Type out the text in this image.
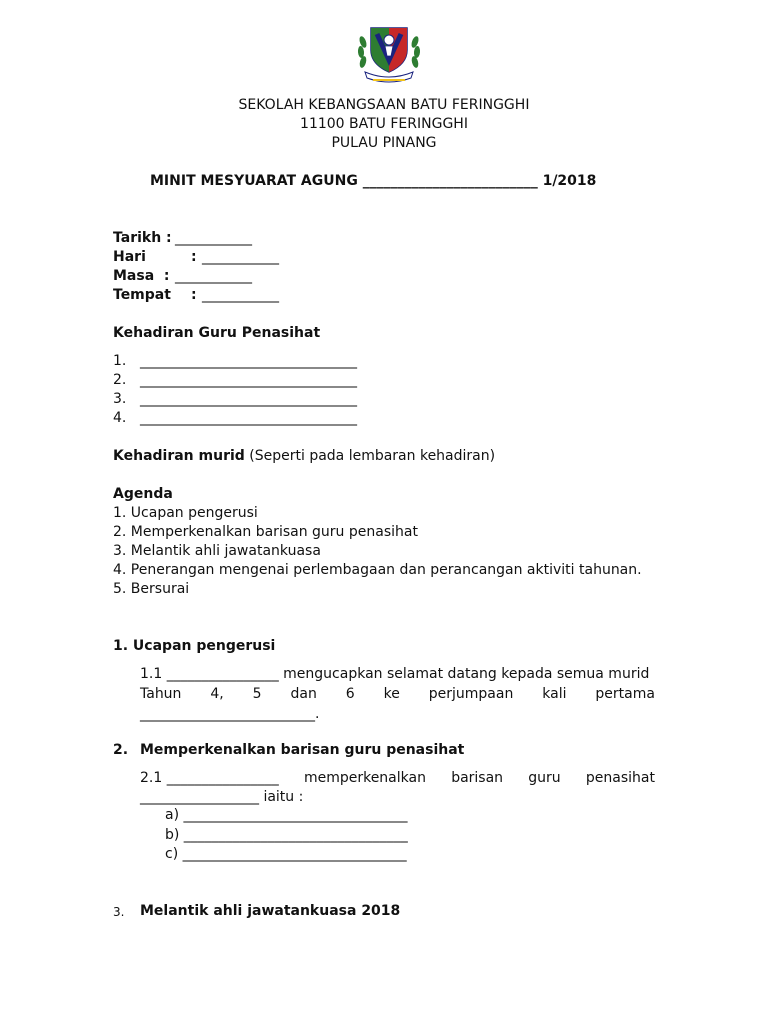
SEKOLAH KEBANGSAAN BATU FERINGGHI
11100 BATU FERINGGHI
PULAU PINANG
MINIT MESYUARAT AGUNG _________________________ 1/2018
Tarikh : ___________
Hari	: ___________
Masa  : ___________
Tempat : ___________
Kehadiran Guru Penasihat
1. _______________________________
2. _______________________________
3. _______________________________
4. _______________________________
Kehadiran murid (Seperti pada lembaran kehadiran)
Agenda
1. Ucapan pengerusi
2. Memperkenalkan barisan guru penasihat
3. Melantik ahli jawatankuasa
4. Penerangan mengenai perlembagaan dan perancangan aktiviti tahunan.
5. Bersurai
1. Ucapan pengerusi
1.1 ________________ mengucapkan selamat datang kepada semua murid
Tahun 4, 5 dan 6 ke perjumpaan kali pertama
_________________________.
2. Memperkenalkan barisan guru penasihat
2.1 ________________ memperkenalkan barisan guru penasihat
_________________ iaitu :
a) ________________________________
b) ________________________________
c) ________________________________
3. Melantik ahli jawatankuasa 2018
